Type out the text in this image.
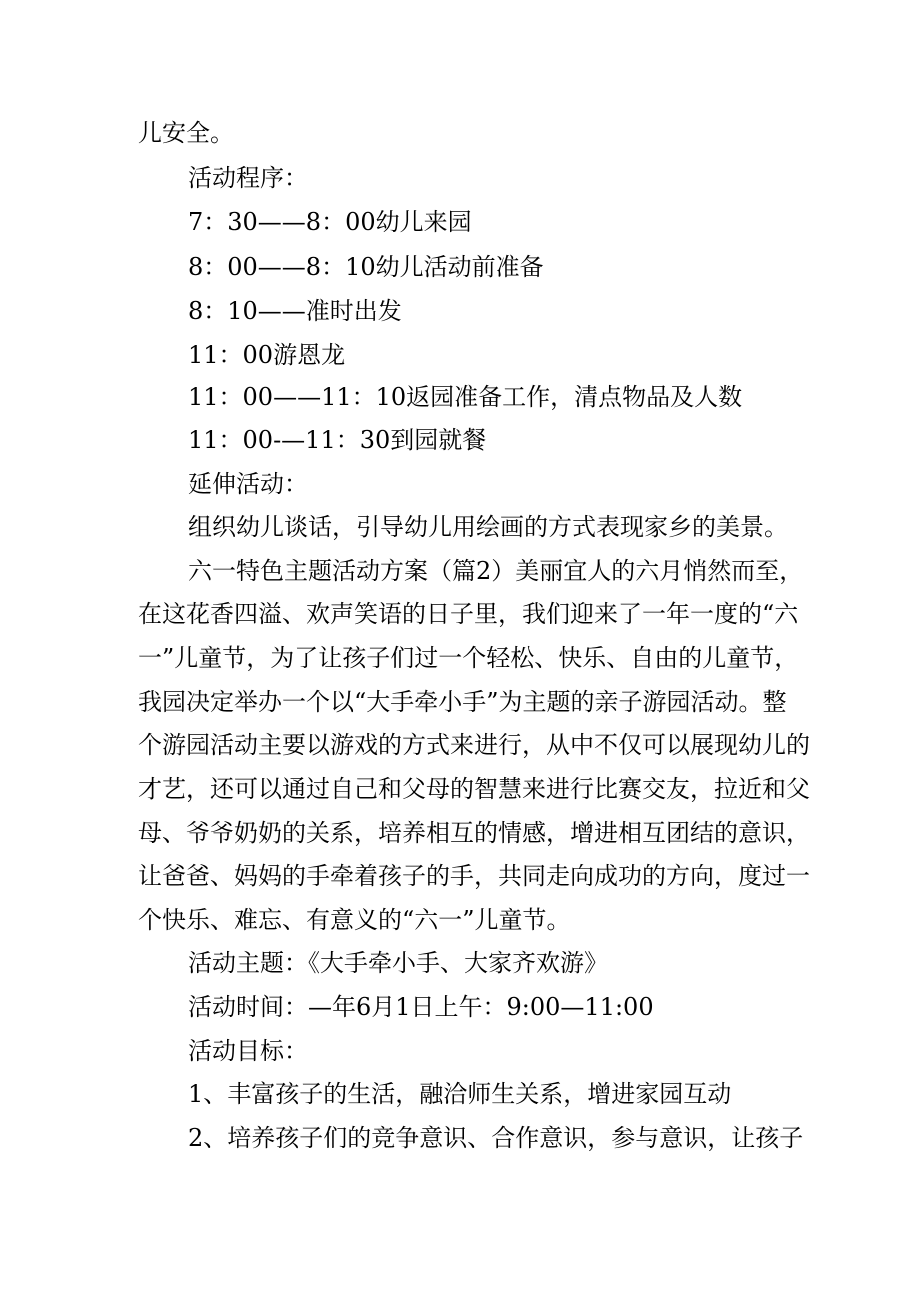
儿安全。
活动程序：
7：30——8：00幼儿来园
8：00——8：10幼儿活动前准备
8：10——准时出发
11：00游恩龙
11：00——11：10返园准备工作，清点物品及人数
11：00-—11：30到园就餐
延伸活动：
组织幼儿谈话，引导幼儿用绘画的方式表现家乡的美景。
六一特色主题活动方案（篇2）美丽宜人的六月悄然而至，
在这花香四溢、欢声笑语的日子里，我们迎来了一年一度的“六
一”儿童节，为了让孩子们过一个轻松、快乐、自由的儿童节，
我园决定举办一个以“大手牵小手”为主题的亲子游园活动。整
个游园活动主要以游戏的方式来进行，从中不仅可以展现幼儿的
才艺，还可以通过自己和父母的智慧来进行比赛交友，拉近和父
母、爷爷奶奶的关系，培养相互的情感，增进相互团结的意识，
让爸爸、妈妈的手牵着孩子的手，共同走向成功的方向，度过一
个快乐、难忘、有意义的“六一”儿童节。
活动主题：《大手牵小手、大家齐欢游》
活动时间：—年6月1日上午：9:00—11:00
活动目标：
1、丰富孩子的生活，融洽师生关系，增进家园互动
2、培养孩子们的竞争意识、合作意识，参与意识，让孩子
